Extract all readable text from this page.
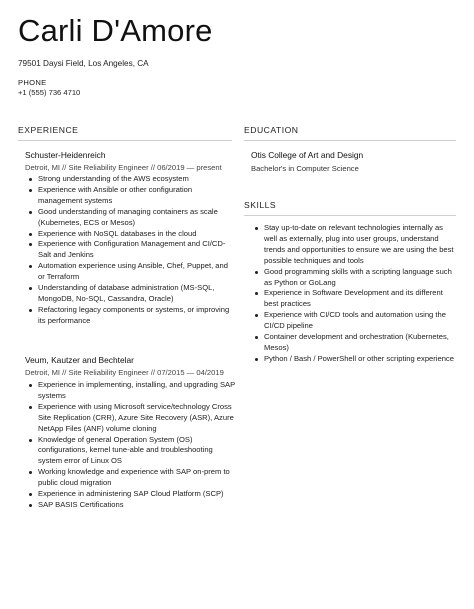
Carli D'Amore
79501 Daysi Field, Los Angeles, CA
PHONE
+1 (555) 736 4710
EXPERIENCE
Schuster-Heidenreich
Detroit, MI // Site Reliability Engineer // 06/2019 — present
Strong understanding of the AWS ecosystem
Experience with Ansible or other configuration management systems
Good understanding of managing containers as scale (Kubernetes, ECS or Mesos)
Experience with NoSQL databases in the cloud
Experience with Configuration Management and CI/CD- Salt and Jenkins
Automation experience using Ansible, Chef, Puppet, and or Terraform
Understanding of database administration (MS-SQL, MongoDB, No-SQL, Cassandra, Oracle)
Refactoring legacy components or systems, or improving its performance
Veum, Kautzer and Bechtelar
Detroit, MI // Site Reliability Engineer // 07/2015 — 04/2019
Experience in implementing, installing, and upgrading SAP systems
Experience with using Microsoft service/technology Cross Site Replication (CRR), Azure Site Recovery (ASR), Azure NetApp Files (ANF) volume cloning
Knowledge of general Operation System (OS) configurations, kernel tune-able and troubleshooting system error of Linux OS
Working knowledge and experience with SAP on-prem to public cloud migration
Experience in administering SAP Cloud Platform (SCP)
SAP BASIS Certifications
EDUCATION
Otis College of Art and Design
Bachelor's in Computer Science
SKILLS
Stay up-to-date on relevant technologies internally as well as externally, plug into user groups, understand trends and opportunities to ensure we are using the best possible techniques and tools
Good programming skills with a scripting language such as Python or GoLang
Experience in Software Development and its different best practices
Experience with CI/CD tools and automation using the CI/CD pipeline
Container development and orchestration (Kubernetes, Mesos)
Python / Bash / PowerShell or other scripting experience
